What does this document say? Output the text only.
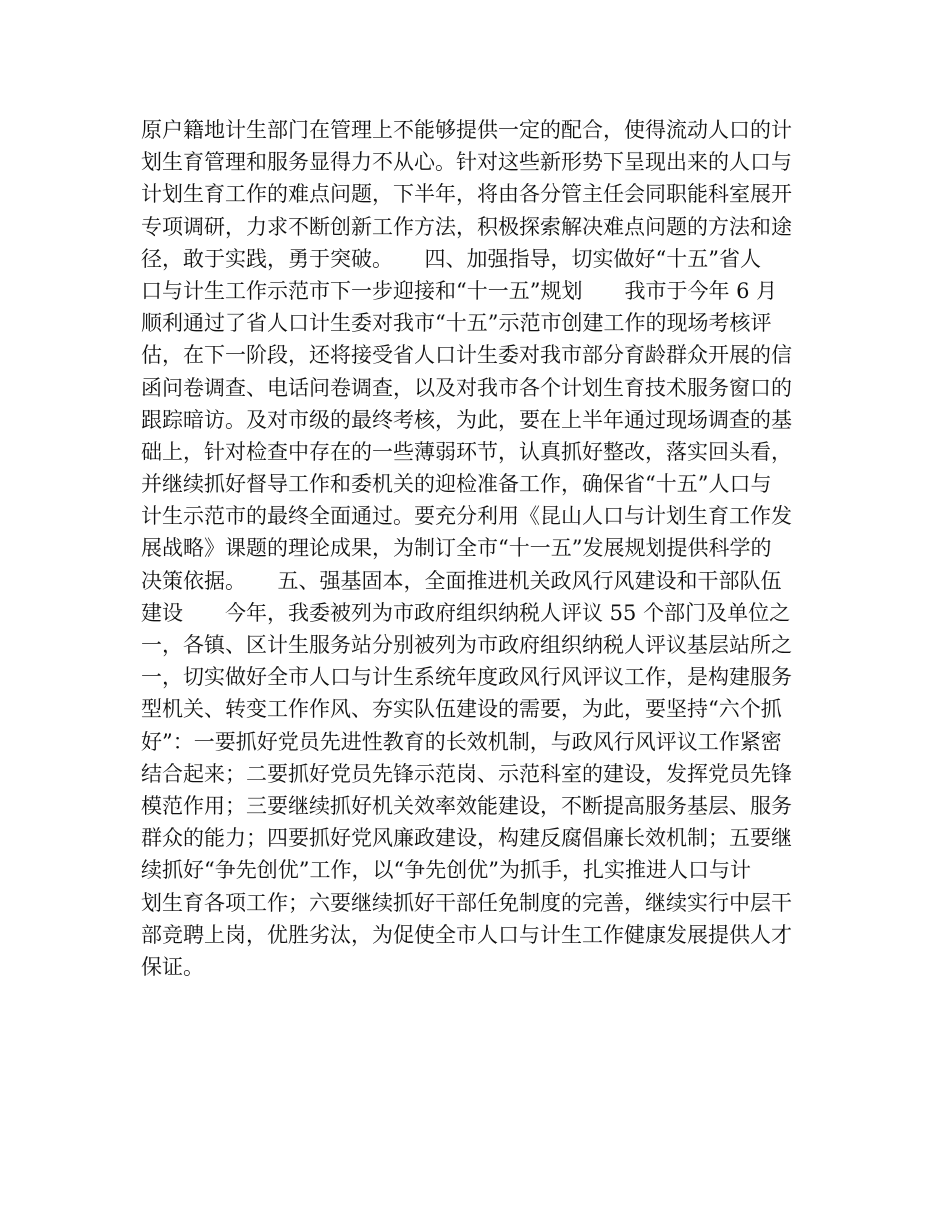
原户籍地计生部门在管理上不能够提供一定的配合，使得流动人口的计
划生育管理和服务显得力不从心。针对这些新形势下呈现出来的人口与
计划生育工作的难点问题，下半年，将由各分管主任会同职能科室展开
专项调研，力求不断创新工作方法，积极探索解决难点问题的方法和途
径，敢于实践，勇于突破。　　四、加强指导，切实做好“十五”省人
口与计生工作示范市下一步迎接和“十一五”规划　　我市于今年 6 月
顺利通过了省人口计生委对我市“十五”示范市创建工作的现场考核评
估，在下一阶段，还将接受省人口计生委对我市部分育龄群众开展的信
函问卷调查、电话问卷调查，以及对我市各个计划生育技术服务窗口的
跟踪暗访。及对市级的最终考核，为此，要在上半年通过现场调查的基
础上，针对检查中存在的一些薄弱环节，认真抓好整改，落实回头看，
并继续抓好督导工作和委机关的迎检准备工作，确保省“十五”人口与
计生示范市的最终全面通过。要充分利用《昆山人口与计划生育工作发
展战略》课题的理论成果，为制订全市“十一五”发展规划提供科学的
决策依据。　　五、强基固本，全面推进机关政风行风建设和干部队伍
建设　　今年，我委被列为市政府组织纳税人评议 55 个部门及单位之
一，各镇、区计生服务站分别被列为市政府组织纳税人评议基层站所之
一，切实做好全市人口与计生系统年度政风行风评议工作，是构建服务
型机关、转变工作作风、夯实队伍建设的需要，为此，要坚持“六个抓
好”：一要抓好党员先进性教育的长效机制，与政风行风评议工作紧密
结合起来；二要抓好党员先锋示范岗、示范科室的建设，发挥党员先锋
模范作用；三要继续抓好机关效率效能建设，不断提高服务基层、服务
群众的能力；四要抓好党风廉政建设，构建反腐倡廉长效机制；五要继
续抓好“争先创优”工作，以“争先创优”为抓手，扎实推进人口与计
划生育各项工作；六要继续抓好干部任免制度的完善，继续实行中层干
部竞聘上岗，优胜劣汰，为促使全市人口与计生工作健康发展提供人才
保证。
